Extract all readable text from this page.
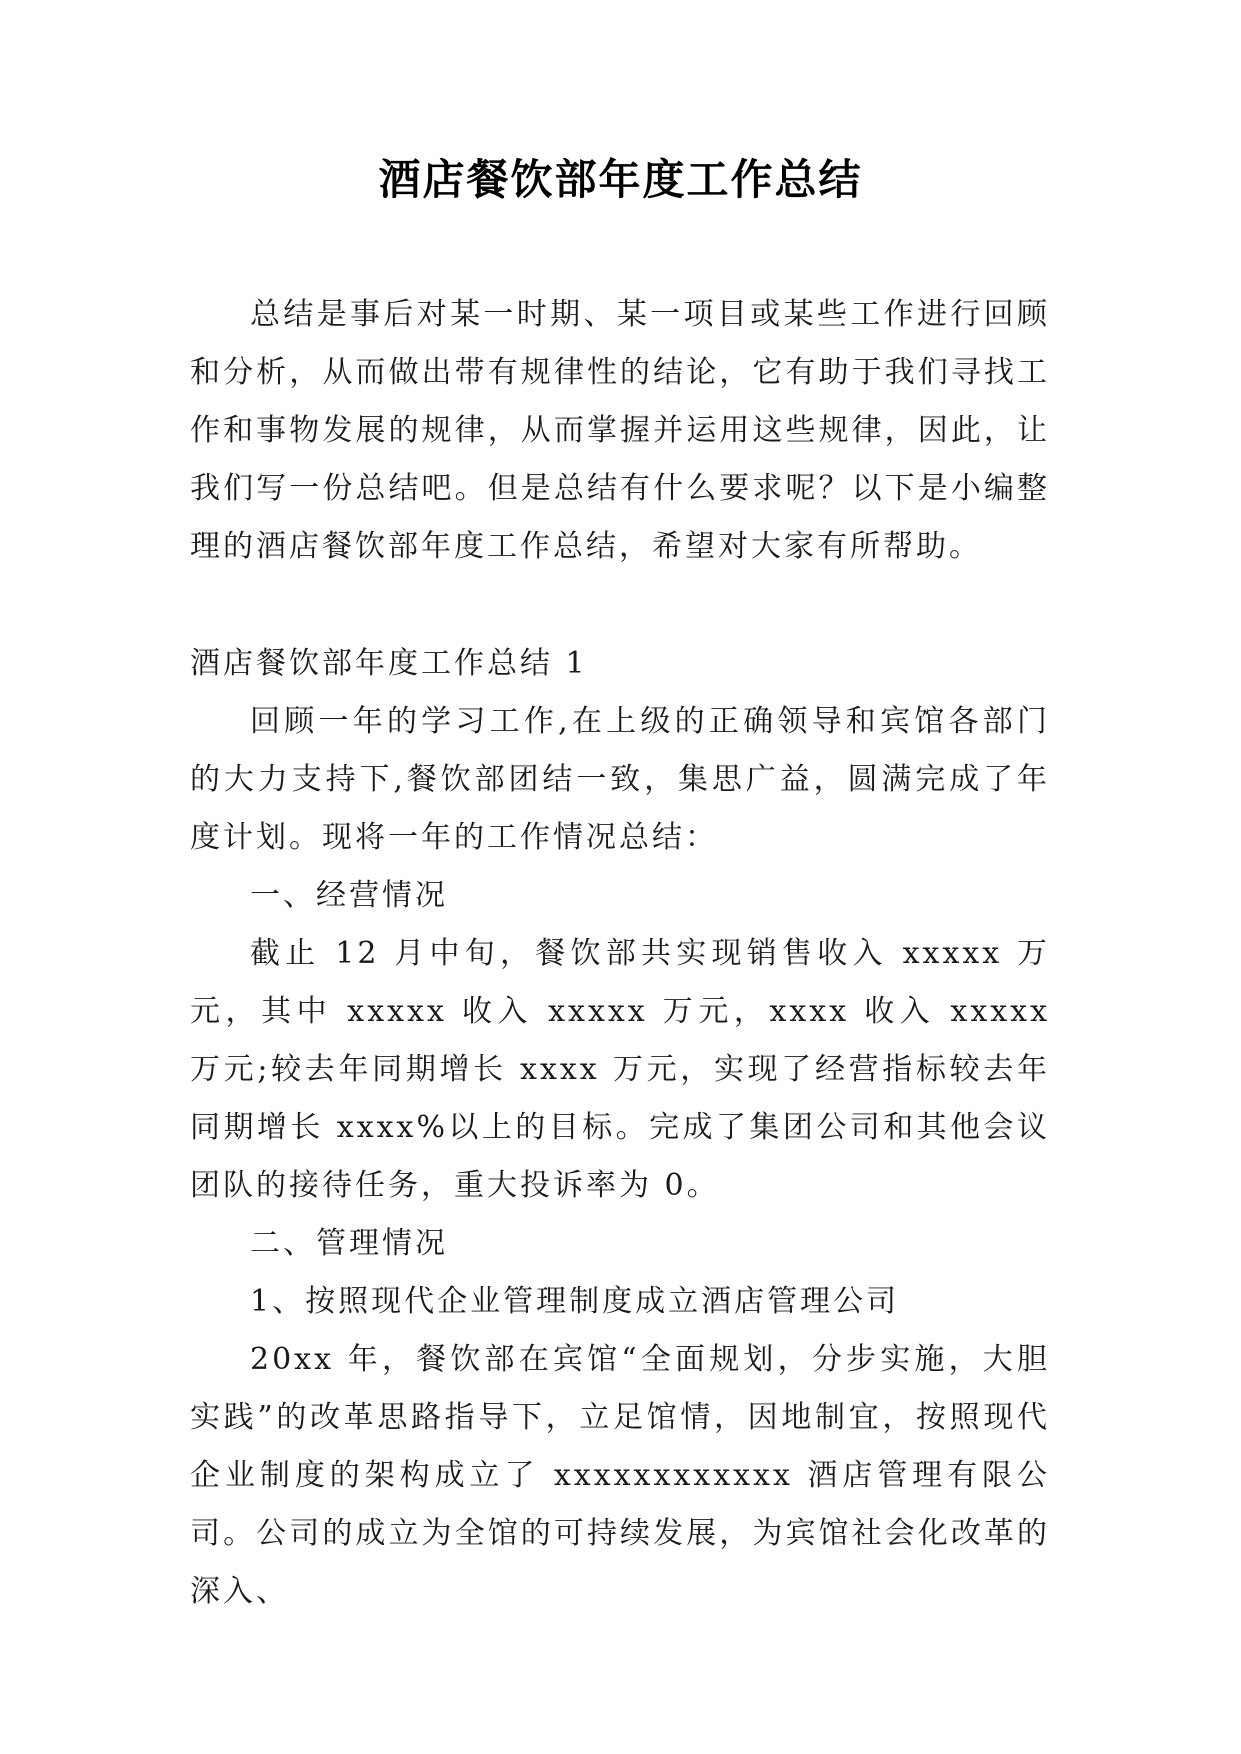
酒店餐饮部年度工作总结

总结是事后对某一时期、某一项目或某些工作进行回顾和分析，从而做出带有规律性的结论，它有助于我们寻找工作和事物发展的规律，从而掌握并运用这些规律，因此，让我们写一份总结吧。但是总结有什么要求呢？以下是小编整理的酒店餐饮部年度工作总结，希望对大家有所帮助。

酒店餐饮部年度工作总结 1

回顾一年的学习工作,在上级的正确领导和宾馆各部门的大力支持下,餐饮部团结一致，集思广益，圆满完成了年度计划。现将一年的工作情况总结：

一、经营情况

截止 12 月中旬，餐饮部共实现销售收入 xxxxx 万元，其中 xxxxx 收入 xxxxx 万元，xxxx 收入 xxxxx 万元;较去年同期增长 xxxx 万元，实现了经营指标较去年同期增长 xxxx%以上的目标。完成了集团公司和其他会议团队的接待任务，重大投诉率为 0。

二、管理情况

1、按照现代企业管理制度成立酒店管理公司

20xx 年，餐饮部在宾馆“全面规划，分步实施，大胆实践”的改革思路指导下，立足馆情，因地制宜，按照现代企业制度的架构成立了 xxxxxxxxxxxx 酒店管理有限公司。公司的成立为全馆的可持续发展，为宾馆社会化改革的深入、
